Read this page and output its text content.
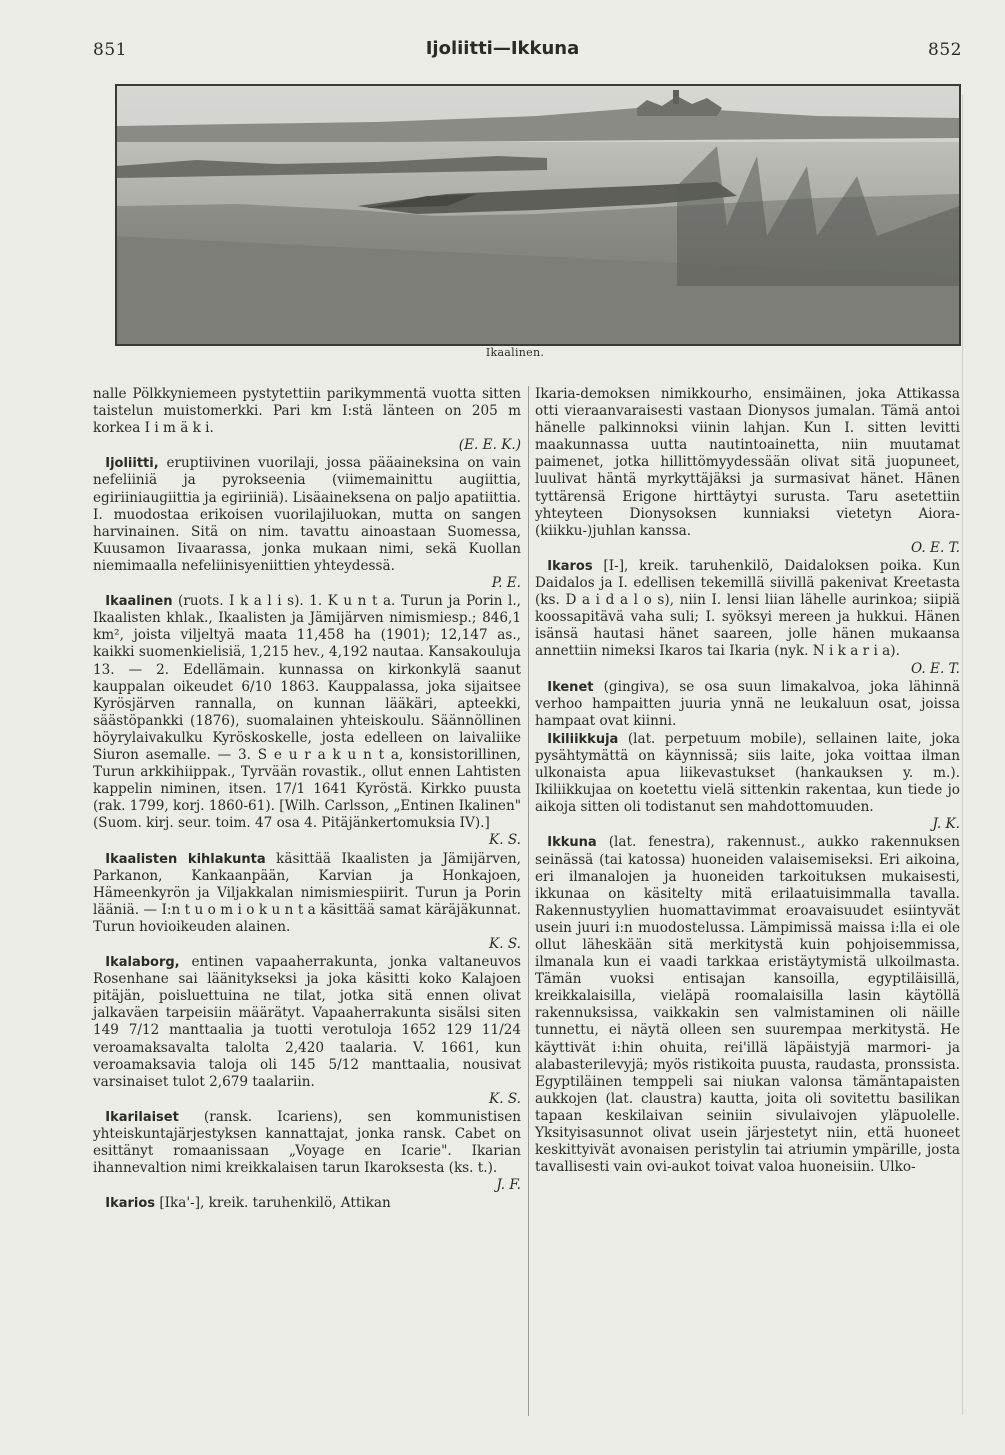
851	Ijoliitti—Ikkuna	852
Ikaalinen.

nalle Pölkkyniemeen pystytettiin parikymmentä vuotta sitten taistelun muistomerkki. Pari km I:stä länteen on 205 m korkea I i m ä k i.
(E. E. K.)

Ijoliitti, eruptiivinen vuorilaji, jossa pääaineksina on vain nefeliiniä ja pyrokseenia (viimemainittu augiittia, egiriiniaugiittia ja egiriiniä). Lisäaineksena on paljo apatiittia. I. muodostaa erikoisen vuorilajiluokan, mutta on sangen harvinainen. Sitä on nim. tavattu ainoastaan Suomessa, Kuusamon Iivaarassa, jonka mukaan nimi, sekä Kuollan niemimaalla nefeliinisyeniittien yhteydessä.
P. E.

Ikaalinen (ruots. I k a l i s). 1. K u n t a. Turun ja Porin l., Ikaalisten khlak., Ikaalisten ja Jämijärven nimismiesp.; 846,1 km², joista viljeltyä maata 11,458 ha (1901); 12,147 as., kaikki suomenkielisiä, 1,215 hev., 4,192 nautaa. Kansakouluja 13. — 2. Edellämain. kunnassa on kirkonkylä saanut kauppalan oikeudet 6/10 1863. Kauppalassa, joka sijaitsee Kyrösjärven rannalla, on kunnan lääkäri, apteekki, säästöpankki (1876), suomalainen yhteiskoulu. Säännöllinen höyrylaivakulku Kyröskoskelle, josta edelleen on laivaliike Siuron asemalle. — 3. S e u r a k u n t a, konsistorillinen, Turun arkkihiippak., Tyrvään rovastik., ollut ennen Lahtisten kappelin niminen, itsen. 17/1 1641 Kyröstä. Kirkko puusta (rak. 1799, korj. 1860-61). [Wilh. Carlsson, „Entinen Ikalinen" (Suom. kirj. seur. toim. 47 osa 4. Pitäjänkertomuksia IV).]
K. S.

Ikaalisten kihlakunta käsittää Ikaalisten ja Jämijärven, Parkanon, Kankaanpään, Karvian ja Honkajoen, Hämeenkyrön ja Viljakkalan nimismiespiirit. Turun ja Porin lääniä. — I:n t u o m i o k u n t a käsittää samat käräjäkunnat. Turun hovioikeuden alainen.
K. S.

Ikalaborg, entinen vapaaherrakunta, jonka valtaneuvos Rosenhane sai läänitykseksi ja joka käsitti koko Kalajoen pitäjän, poisluettuina ne tilat, jotka sitä ennen olivat jalkaväen tarpeisiin määrätyt. Vapaaherrakunta sisälsi siten 149 7/12 manttaalia ja tuotti verotuloja 1652 129 11/24 veroamaksavalta talolta 2,420 taalaria. V. 1661, kun veroamaksavia taloja oli 145 5/12 manttaalia, nousivat varsinaiset tulot 2,679 taalariin.
K. S.

Ikarilaiset (ransk. Icariens), sen kommunistisen yhteiskuntajärjestyksen kannattajat, jonka ransk. Cabet on esittänyt romaanissaan „Voyage en Icarie". Ikarian ihannevaltion nimi kreikkalaisen tarun Ikaroksesta (ks. t.).
J. F.

Ikarios [Ika'-], kreik. taruhenkilö, Attikan

Ikaria-demoksen nimikkourho, ensimäinen, joka Attikassa otti vieraanvaraisesti vastaan Dionysos jumalan. Tämä antoi hänelle palkinnoksi viinin lahjan. Kun I. sitten levitti maakunnassa uutta nautintoainetta, niin muutamat paimenet, jotka hillittömyydessään olivat sitä juopuneet, luulivat häntä myrkyttäjäksi ja surmasivat hänet. Hänen tyttärensä Erigone hirttäytyi surusta. Taru asetettiin yhteyteen Dionysoksen kunniaksi vietetyn Aiora-(kiikku-)juhlan kanssa.
O. E. T.

Ikaros [I-], kreik. taruhenkilö, Daidaloksen poika. Kun Daidalos ja I. edellisen tekemillä siivillä pakenivat Kreetasta (ks. D a i d a l o s), niin I. lensi liian lähelle aurinkoa; siipiä koossapitävä vaha suli; I. syöksyi mereen ja hukkui. Hänen isänsä hautasi hänet saareen, jolle hänen mukaansa annettiin nimeksi Ikaros tai Ikaria (nyk. N i k a r i a).
O. E. T.

Ikenet (gingiva), se osa suun limakalvoa, joka lähinnä verhoo hampaitten juuria ynnä ne leukaluun osat, joissa hampaat ovat kiinni.

Ikiliikkuja (lat. perpetuum mobile), sellainen laite, joka pysähtymättä on käynnissä; siis laite, joka voittaa ilman ulkonaista apua liikevastukset (hankauksen y. m.). Ikiliikkujaa on koetettu vielä sittenkin rakentaa, kun tiede jo aikoja sitten oli todistanut sen mahdottomuuden.
J. K.

Ikkuna (lat. fenestra), rakennust., aukko rakennuksen seinässä (tai katossa) huoneiden valaisemiseksi. Eri aikoina, eri ilmanalojen ja huoneiden tarkoituksen mukaisesti, ikkunaa on käsitelty mitä erilaatuisimmalla tavalla. Rakennustyylien huomattavimmat eroavaisuudet esiintyvät usein juuri i:n muodostelussa. Lämpimissä maissa i:lla ei ole ollut läheskään sitä merkitystä kuin pohjoisemmissa, ilmanala kun ei vaadi tarkkaa eristäytymistä ulkoilmasta. Tämän vuoksi entisajan kansoilla, egyptiläisillä, kreikkalaisilla, vieläpä roomalaisilla lasin käytöllä rakennuksissa, vaikkakin sen valmistaminen oli näille tunnettu, ei näytä olleen sen suurempaa merkitystä. He käyttivät i:hin ohuita, rei'illä läpäistyjä marmori- ja alabasterilevyjä; myös ristikoita puusta, raudasta, pronssista. Egyptiläinen temppeli sai niukan valonsa tämäntapaisten aukkojen (lat. claustra) kautta, joita oli sovitettu basilikan tapaan keskilaivan seiniin sivulaivojen yläpuolelle. Yksityisasunnot olivat usein järjestetyt niin, että huoneet keskittyivät avonaisen peristylin tai atriumin ympärille, josta tavallisesti vain ovi-aukot toivat valoa huoneisiin. Ulko-
